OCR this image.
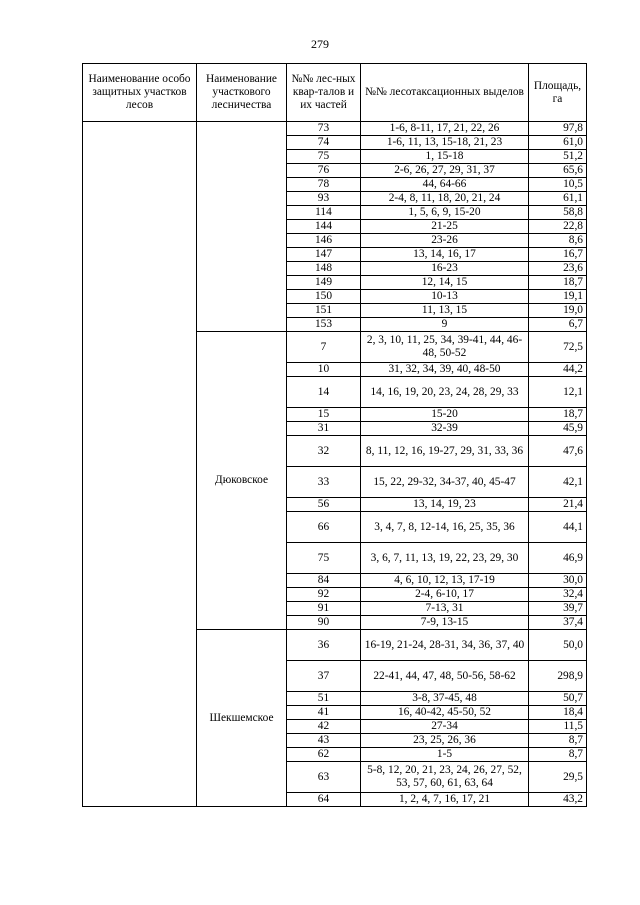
279
Наименование особо защитных участков лесов	Наименование участкового лесничества	№№ лес-ных квар-талов и их частей	№№ лесотаксационных выделов	Площадь, га
		73	1-6, 8-11, 17, 21, 22, 26	97,8
		74	1-6, 11, 13, 15-18, 21, 23	61,0
		75	1, 15-18	51,2
		76	2-6, 26, 27, 29, 31, 37	65,6
		78	44, 64-66	10,5
		93	2-4, 8, 11, 18, 20, 21, 24	61,1
		114	1, 5, 6, 9, 15-20	58,8
		144	21-25	22,8
		146	23-26	8,6
		147	13, 14, 16, 17	16,7
		148	16-23	23,6
		149	12, 14, 15	18,7
		150	10-13	19,1
		151	11, 13, 15	19,0
		153	9	6,7
	Дюковское	7	2, 3, 10, 11, 25, 34, 39-41, 44, 46-48, 50-52	72,5
		10	31, 32, 34, 39, 40, 48-50	44,2
		14	14, 16, 19, 20, 23, 24, 28, 29, 33	12,1
		15	15-20	18,7
		31	32-39	45,9
		32	8, 11, 12, 16, 19-27, 29, 31, 33, 36	47,6
		33	15, 22, 29-32, 34-37, 40, 45-47	42,1
		56	13, 14, 19, 23	21,4
		66	3, 4, 7, 8, 12-14, 16, 25, 35, 36	44,1
		75	3, 6, 7, 11, 13, 19, 22, 23, 29, 30	46,9
		84	4, 6, 10, 12, 13, 17-19	30,0
		92	2-4, 6-10, 17	32,4
		91	7-13, 31	39,7
		90	7-9, 13-15	37,4
	Шекшемское	36	16-19, 21-24, 28-31, 34, 36, 37, 40	50,0
		37	22-41, 44, 47, 48, 50-56, 58-62	298,9
		51	3-8, 37-45, 48	50,7
		41	16, 40-42, 45-50, 52	18,4
		42	27-34	11,5
		43	23, 25, 26, 36	8,7
		62	1-5	8,7
		63	5-8, 12, 20, 21, 23, 24, 26, 27, 52, 53, 57, 60, 61, 63, 64	29,5
		64	1, 2, 4, 7, 16, 17, 21	43,2
